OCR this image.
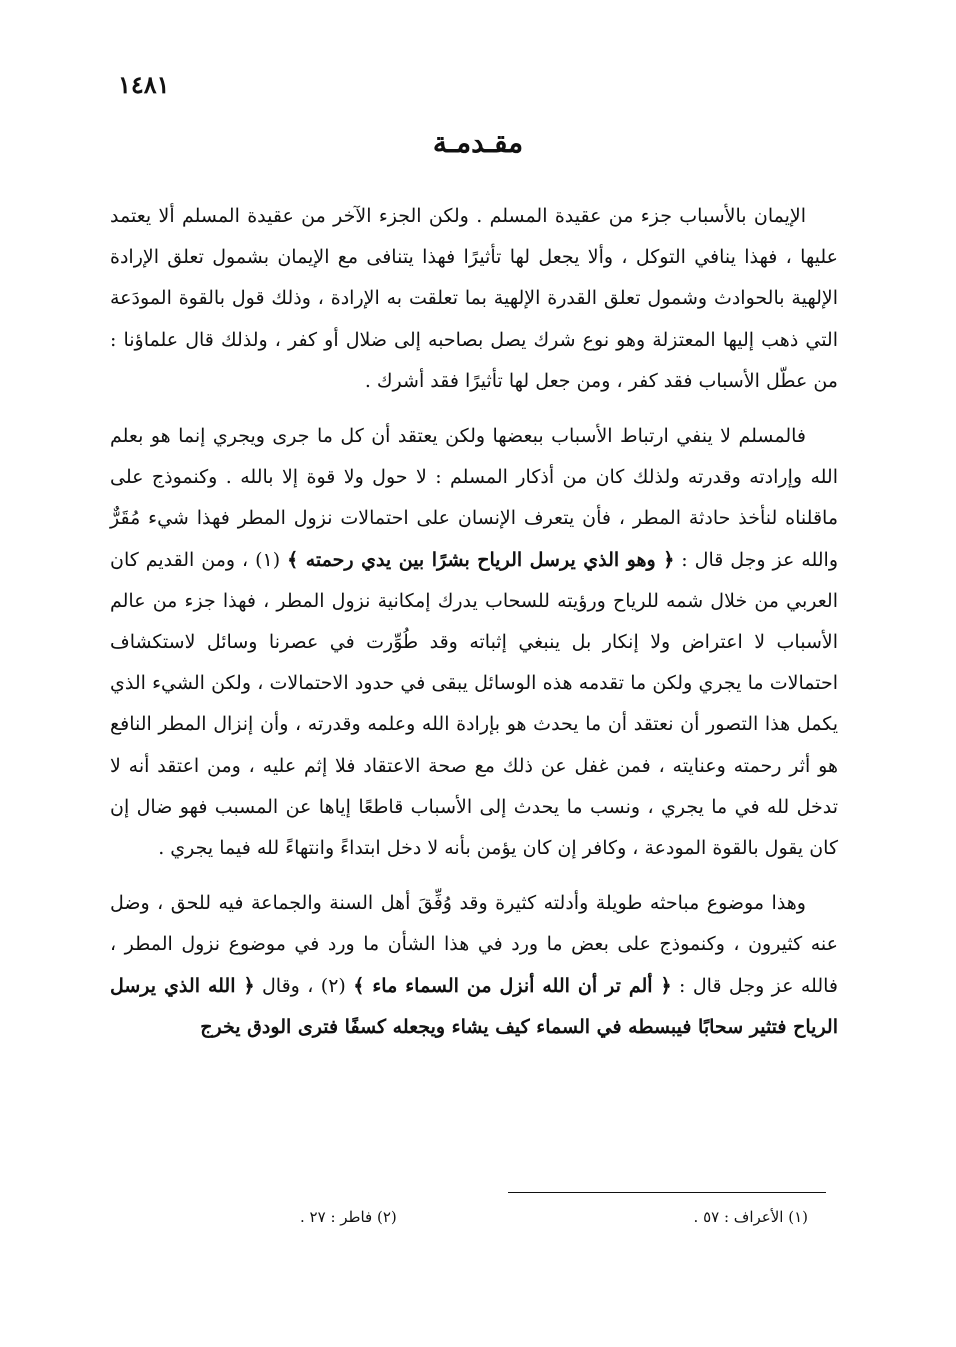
١٤٨١
مقـدمـة

الإيمان بالأسباب جزء من عقيدة المسلم . ولكن الجزء الآخر من عقيدة المسلم ألا يعتمد عليها ، فهذا ينافي التوكل ، وألا يجعل لها تأثيرًا فهذا يتنافى مع الإيمان بشمول تعلق الإرادة الإلهية بالحوادث وشمول تعلق القدرة الإلهية بما تعلقت به الإرادة ، وذلك قول بالقوة المودَعة التي ذهب إليها المعتزلة وهو نوع شرك يصل بصاحبه إلى ضلال أو كفر ، ولذلك قال علماؤنا : من عطّل الأسباب فقد كفر ، ومن جعل لها تأثيرًا فقد أشرك .

فالمسلم لا ينفي ارتباط الأسباب ببعضها ولكن يعتقد أن كل ما جرى ويجري إنما هو بعلم الله وإرادته وقدرته ولذلك كان من أذكار المسلم : لا حول ولا قوة إلا بالله . وكنموذج على ماقلناه لنأخذ حادثة المطر ، فأن يتعرف الإنسان على احتمالات نزول المطر فهذا شيء مُقَرٌّ والله عز وجل قال : ﴿ وهو الذي يرسل الرياح بشرًا بين يدي رحمته ﴾ (١) ، ومن القديم كان العربي من خلال شمه للرياح ورؤيته للسحاب يدرك إمكانية نزول المطر ، فهذا جزء من عالم الأسباب لا اعتراض ولا إنكار بل ينبغي إثباته وقد طُوِّرت في عصرنا وسائل لاستكشاف احتمالات ما يجري ولكن ما تقدمه هذه الوسائل يبقى في حدود الاحتمالات ، ولكن الشيء الذي يكمل هذا التصور أن نعتقد أن ما يحدث هو بإرادة الله وعلمه وقدرته ، وأن إنزال المطر النافع هو أثر رحمته وعنايته ، فمن غفل عن ذلك مع صحة الاعتقاد فلا إثم عليه ، ومن اعتقد أنه لا تدخل لله في ما يجري ، ونسب ما يحدث إلى الأسباب قاطعًا إياها عن المسبب فهو ضال إن كان يقول بالقوة المودعة ، وكافر إن كان يؤمن بأنه لا دخل ابتداءً وانتهاءً لله فيما يجري .

وهذا موضوع مباحثه طويلة وأدلته كثيرة وقد وُفِّقَ أهل السنة والجماعة فيه للحق ، وضل عنه كثيرون ، وكنموذج على بعض ما ورد في هذا الشأن ما ورد في موضوع نزول المطر ، فالله عز وجل قال : ﴿ ألم تر أن الله أنزل من السماء ماء ﴾ (٢) ، وقال ﴿ الله الذي يرسل الرياح فتثير سحابًا فيبسطه في السماء كيف يشاء ويجعله كسفًا فترى الودق يخرج

(١) الأعراف : ٥٧ .
(٢) فاطر : ٢٧ .
